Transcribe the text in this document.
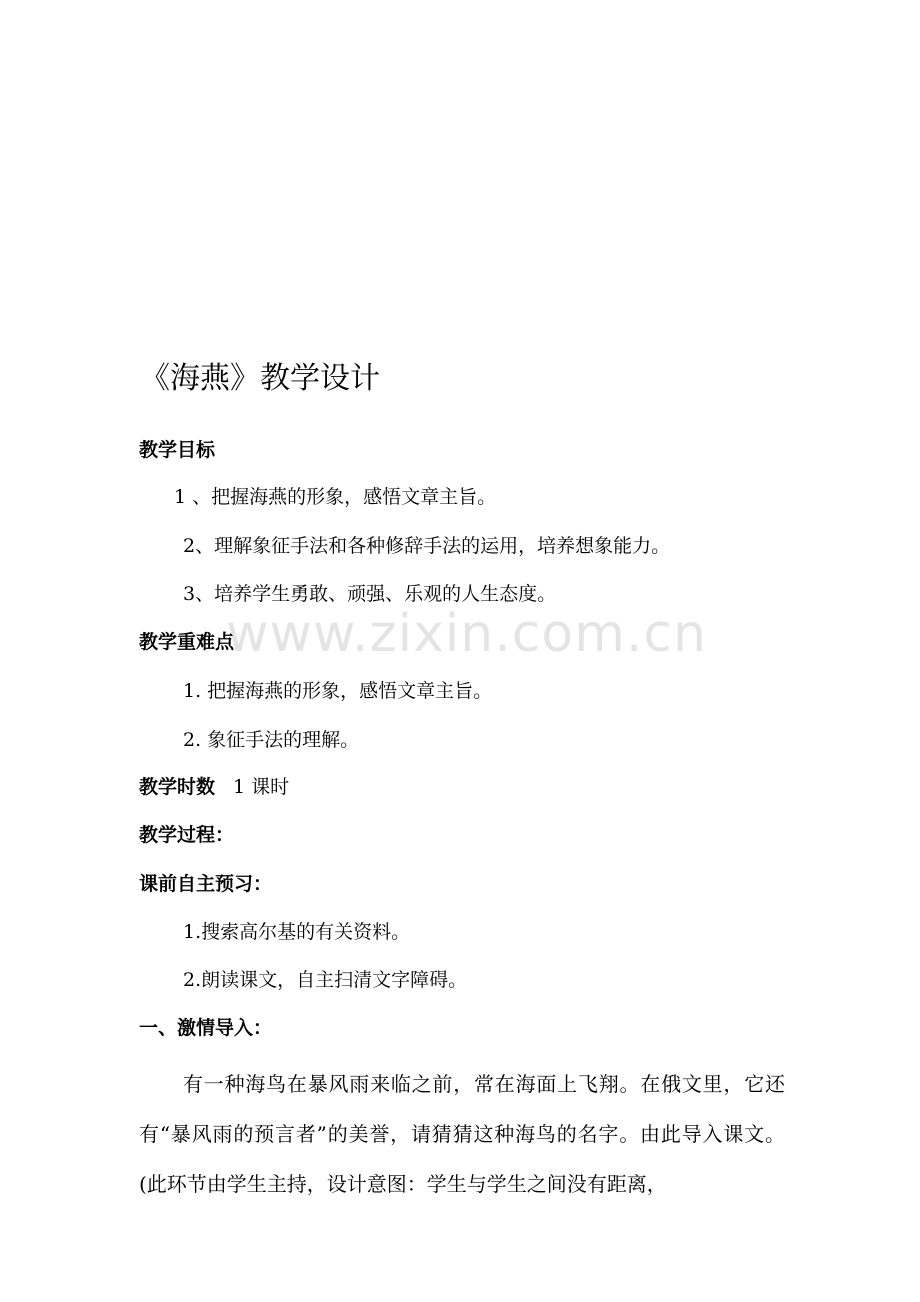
www.zixin.com.cn
《海燕》教学设计
教学目标
1 、把握海燕的形象，感悟文章主旨。
2、理解象征手法和各种修辞手法的运用，培养想象能力。
3、培养学生勇敢、顽强、乐观的人生态度。
教学重难点
1. 把握海燕的形象，感悟文章主旨。
2. 象征手法的理解。
教学时数 1 课时
教学过程：
课前自主预习：
1.搜索高尔基的有关资料。
2.朗读课文，自主扫清文字障碍。
一、激情导入：
有一种海鸟在暴风雨来临之前，常在海面上飞翔。在俄文里，它还有“暴风雨的预言者”的美誉，请猜猜这种海鸟的名字。由此导入课文。(此环节由学生主持，设计意图：学生与学生之间没有距离，
